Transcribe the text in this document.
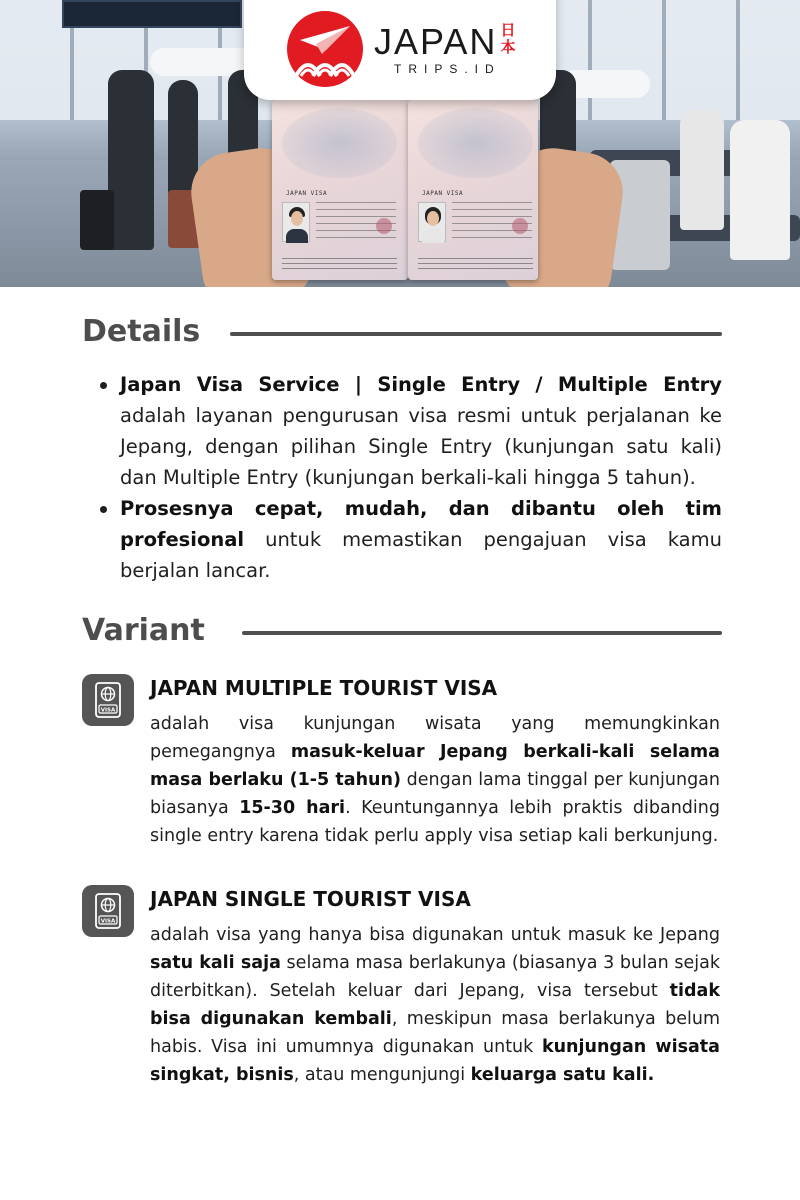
JAPAN VISA	JAPAN VISA
JAPAN
TRIPS.ID
日本
Details
Japan Visa Service | Single Entry / Multiple Entry adalah layanan pengurusan visa resmi untuk perjalanan ke Jepang, dengan pilihan Single Entry (kunjungan satu kali) dan Multiple Entry (kunjungan berkali-kali hingga 5 tahun).
Prosesnya cepat, mudah, dan dibantu oleh tim profesional untuk memastikan pengajuan visa kamu berjalan lancar.
Variant
VISA
JAPAN MULTIPLE TOURIST VISA
adalah visa kunjungan wisata yang memungkinkan pemegangnya masuk-keluar Jepang berkali-kali selama masa berlaku (1-5 tahun) dengan lama tinggal per kunjungan biasanya 15-30 hari. Keuntungannya lebih praktis dibanding single entry karena tidak perlu apply visa setiap kali berkunjung.
VISA
JAPAN SINGLE TOURIST VISA
adalah visa yang hanya bisa digunakan untuk masuk ke Jepang satu kali saja selama masa berlakunya (biasanya 3 bulan sejak diterbitkan). Setelah keluar dari Jepang, visa tersebut tidak bisa digunakan kembali, meskipun masa berlakunya belum habis. Visa ini umumnya digunakan untuk kunjungan wisata singkat, bisnis, atau mengunjungi keluarga satu kali.
